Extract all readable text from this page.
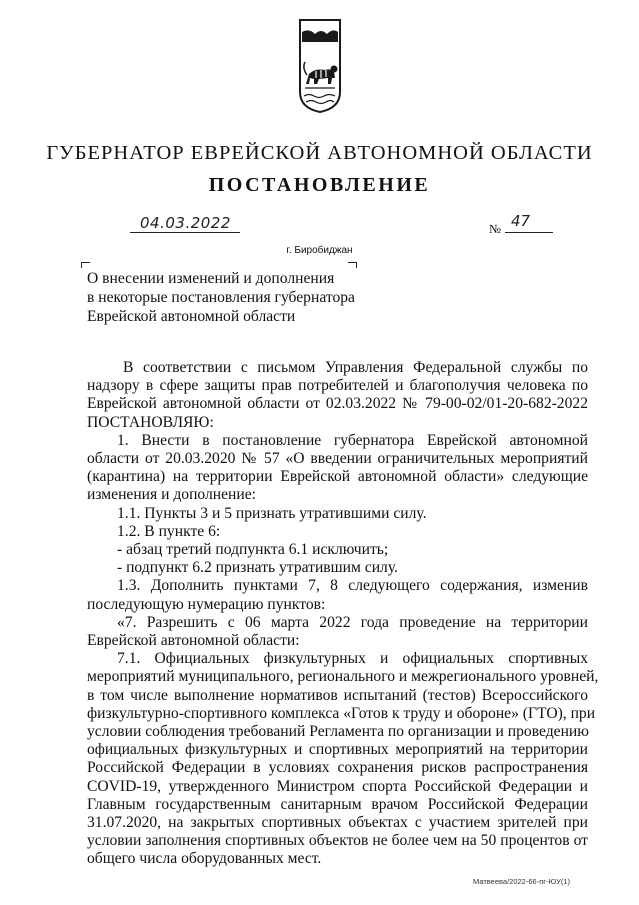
ГУБЕРНАТОР ЕВРЕЙСКОЙ АВТОНОМНОЙ ОБЛАСТИ
ПОСТАНОВЛЕНИЕ
04.03.2022	№ 47
г. Биробиджан
О внесении изменений и дополнения
в некоторые постановления губернатора
Еврейской автономной области
В соответствии с письмом Управления Федеральной службы по
надзору в сфере защиты прав потребителей и благополучия человека по
Еврейской автономной области от 02.03.2022 № 79-00-02/01-20-682-2022
ПОСТАНОВЛЯЮ:
1. Внести в постановление губернатора Еврейской автономной
области от 20.03.2020 № 57 «О введении ограничительных мероприятий
(карантина) на территории Еврейской автономной области» следующие
изменения и дополнение:
1.1. Пункты 3 и 5 признать утратившими силу.
1.2. В пункте 6:
- абзац третий подпункта 6.1 исключить;
- подпункт 6.2 признать утратившим силу.
1.3. Дополнить пунктами 7, 8 следующего содержания, изменив
последующую нумерацию пунктов:
«7. Разрешить с 06 марта 2022 года проведение на территории
Еврейской автономной области:
7.1. Официальных физкультурных и официальных спортивных
мероприятий муниципального, регионального и межрегионального уровней,
в том числе выполнение нормативов испытаний (тестов) Всероссийского
физкультурно-спортивного комплекса «Готов к труду и обороне» (ГТО), при
условии соблюдения требований Регламента по организации и проведению
официальных физкультурных и спортивных мероприятий на территории
Российской Федерации в условиях сохранения рисков распространения
COVID-19, утвержденного Министром спорта Российской Федерации и
Главным государственным санитарным врачом Российской Федерации
31.07.2020, на закрытых спортивных объектах с участием зрителей при
условии заполнения спортивных объектов не более чем на 50 процентов от
общего числа оборудованных мест.
Матвеева/2022-66-пг-ЮУ(1)
